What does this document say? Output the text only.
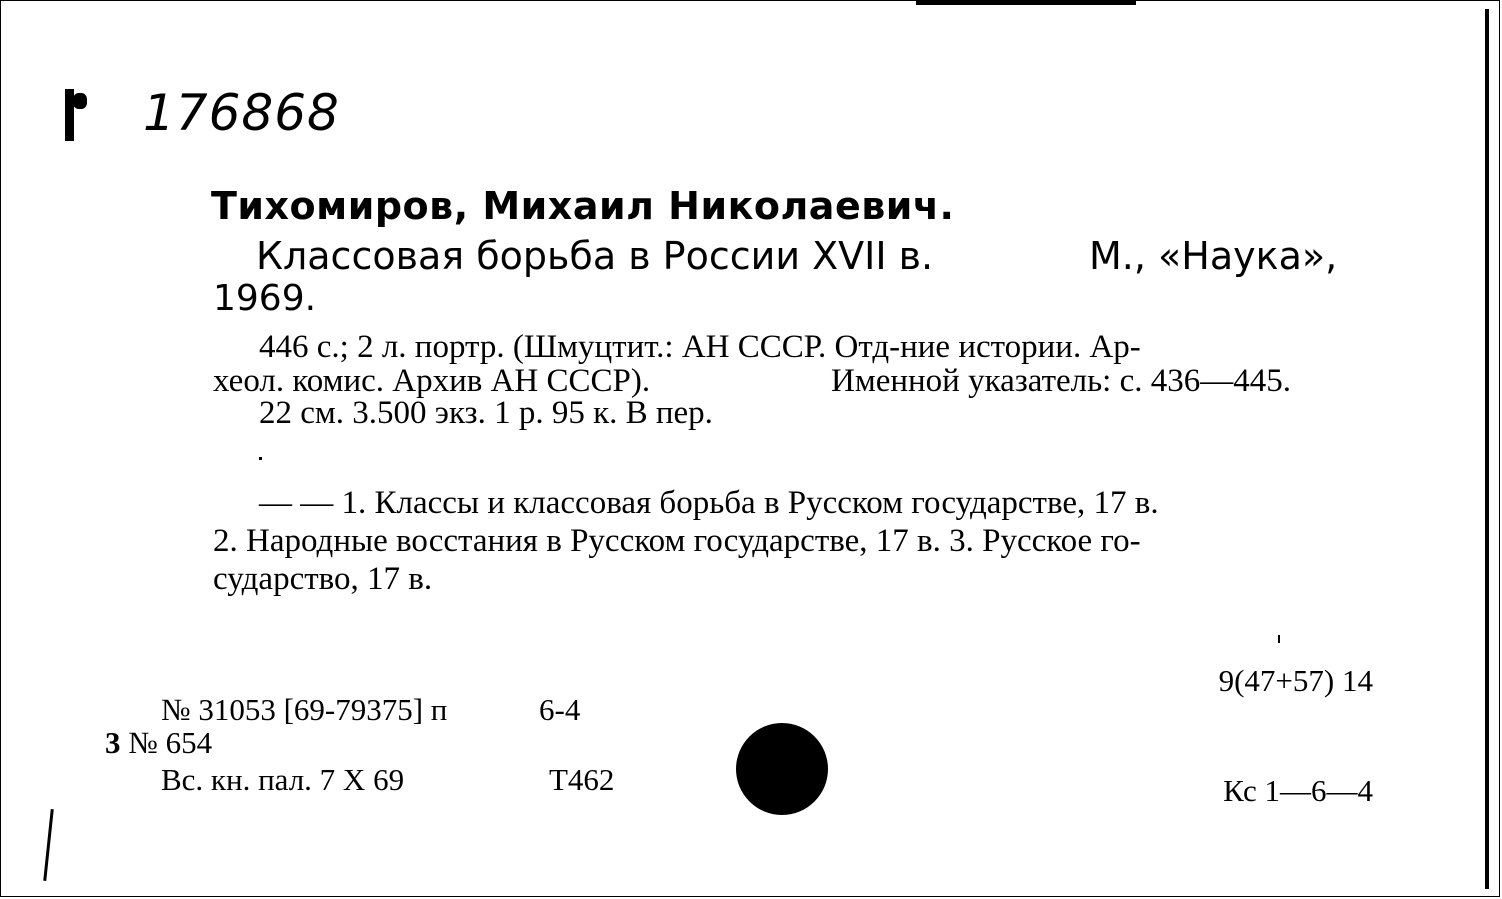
176868
Тихомиров, Михаил Николаевич.
Классовая борьба в России XVII в.	М., «Наука»,
1969.
446 с.; 2 л. портр. (Шмуцтит.: АН СССР. Отд-ние истории. Ар-
хеол. комис. Архив АН СССР).	Именной указатель: с. 436—445.
22 см. 3.500 экз. 1 р. 95 к. В пер.
— — 1. Классы и классовая борьба в Русском государстве, 17 в.
2. Народные восстания в Русском государстве, 17 в. 3. Русское го-
сударство, 17 в.
9(47+57) 14
№ 31053 [69-79375] п	6-4
3 № 654
Вс. кн. пал. 7 X 69	Т462	Кс 1—6—4
